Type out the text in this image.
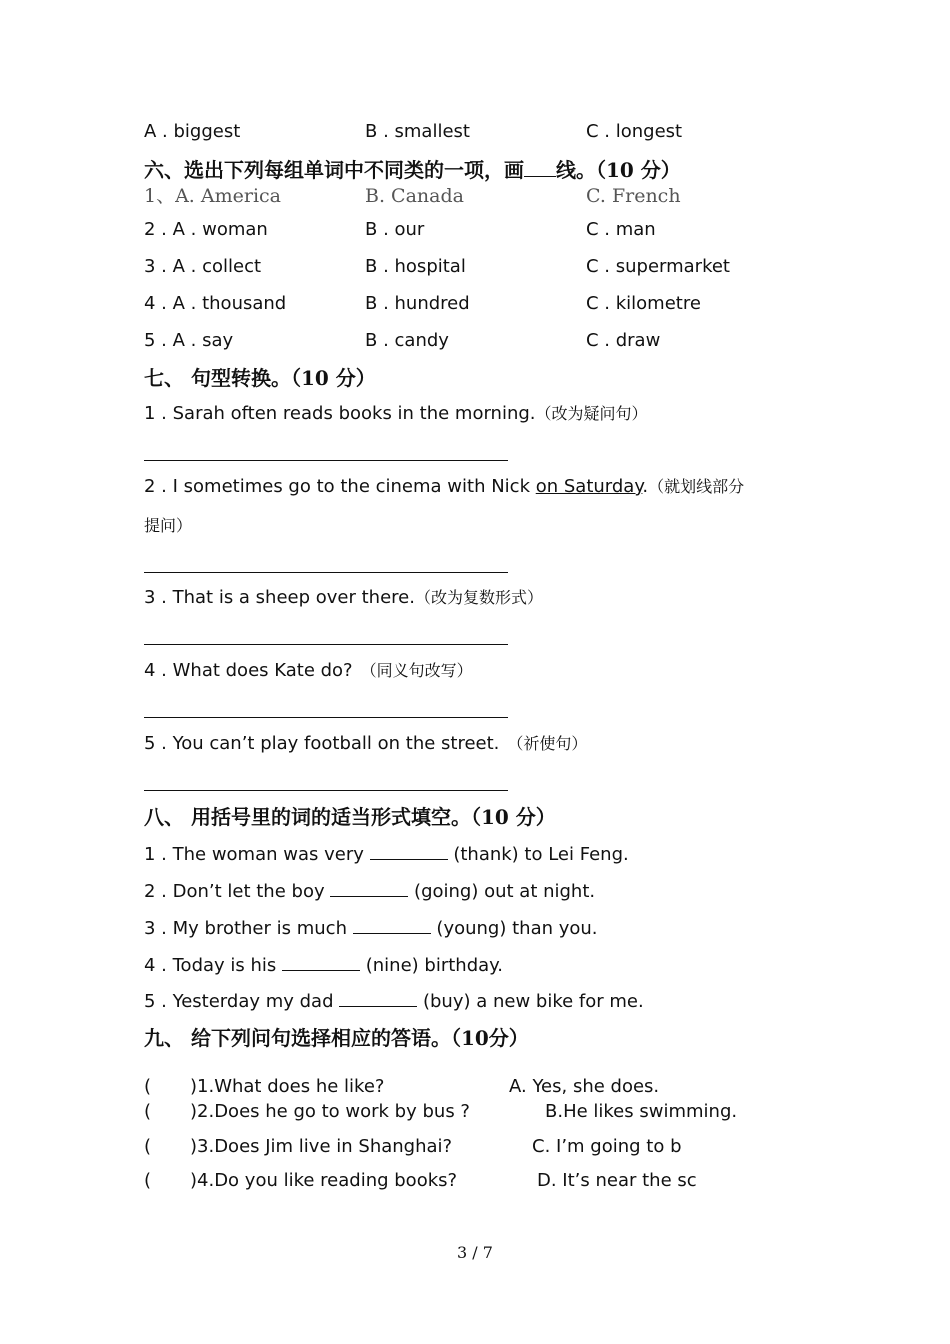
A . biggest	B . smallest	C . longest
六、选出下列每组单词中不同类的一项，画 线。（10 分）
1、A. America	B. Canada	C. French
2 . A . woman	B . our	C . man
3 . A . collect	B . hospital	C . supermarket
4 . A . thousand	B . hundred	C . kilometre
5 . A . say	B . candy	C . draw
七、 句型转换。（10 分）
1 . Sarah often reads books in the morning.（改为疑问句）
2 . I sometimes go to the cinema with Nick on Saturday.（就划线部分
提问）
3 . That is a sheep over there.（改为复数形式）
4 . What does Kate do? （同义句改写）
5 . You can’t play football on the street. （祈使句）
八、 用括号里的词的适当形式填空。（10 分）
1 . The woman was very	(thank) to Lei Feng.
2 . Don’t let the boy	(going) out at night.
3 . My brother is much	(young) than you.
4 . Today is his	(nine) birthday.
5 . Yesterday my dad	(buy) a new bike for me.
九、 给下列问句选择相应的答语。（10分）
( )1.What does he like?	A. Yes, she does.
( )2.Does he go to work by bus ?	B.He likes swimming.
( )3.Does Jim live in Shanghai?	C. I’m going to b
( )4.Do you like reading books?	D. It’s near the sc
3 / 7
